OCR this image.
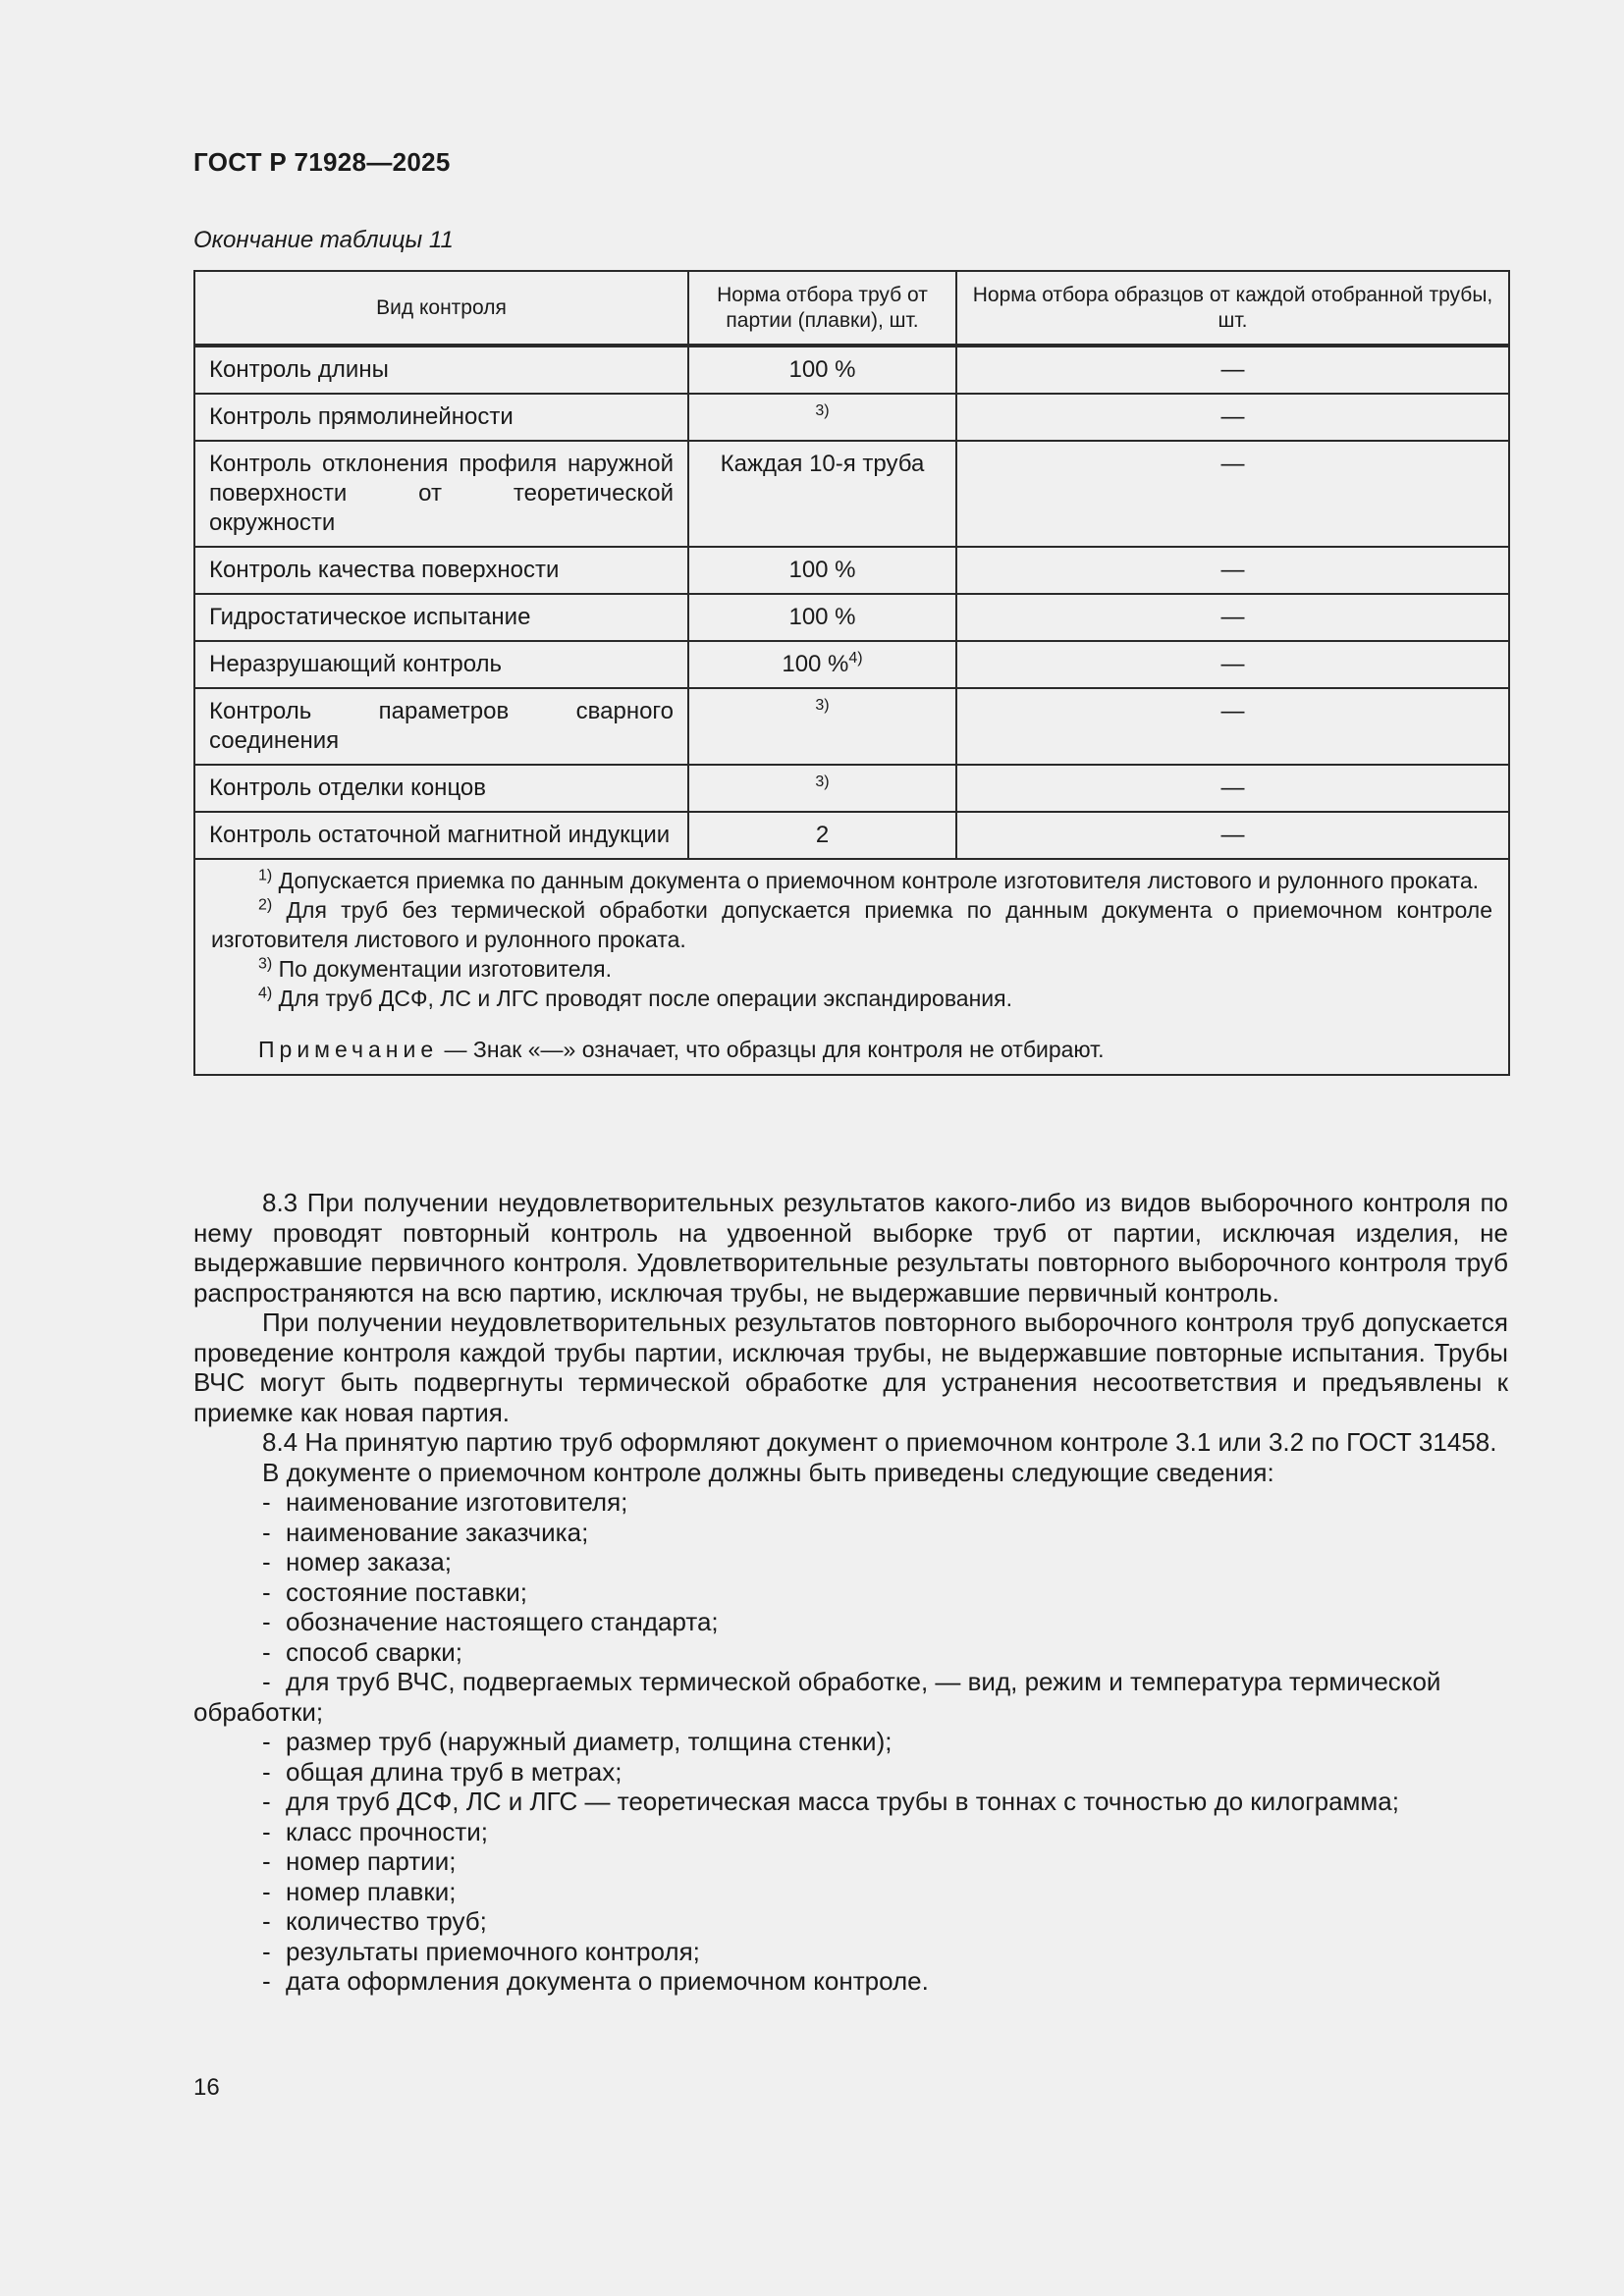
ГОСТ Р 71928—2025
Окончание таблицы 11
Вид контроля	Норма отбора труб от партии (плавки), шт.	Норма отбора образцов от каждой отобранной трубы, шт.
Контроль длины	100 %	—
Контроль прямолинейности	$^{3)}$	—
Контроль отклонения профиля наружной поверхности от теоретической окружности	Каждая 10-я труба	—
Контроль качества поверхности	100 %	—
Гидростатическое испытание	100 %	—
Неразрушающий контроль	100 %$^{4)}$	—
Контроль параметров сварного соединения	$^{3)}$	—
Контроль отделки концов	$^{3)}$	—
Контроль остаточной магнитной индукции	2	—

$^{1)}$ Допускается приемка по данным документа о приемочном контроле изготовителя листового и рулонного проката.
$^{2)}$ Для труб без термической обработки допускается приемка по данным документа о приемочном контроле изготовителя листового и рулонного проката.
$^{3)}$ По документации изготовителя.
$^{4)}$ Для труб ДСФ, ЛС и ЛГС проводят после операции экспандирования.
Примечание — Знак «—» означает, что образцы для контроля не отбирают.		

8.3 При получении неудовлетворительных результатов какого-либо из видов выборочного контроля по нему проводят повторный контроль на удвоенной выборке труб от партии, исключая изделия, не выдержавшие первичного контроля. Удовлетворительные результаты повторного выборочного контроля труб распространяются на всю партию, исключая трубы, не выдержавшие первичный контроль.

При получении неудовлетворительных результатов повторного выборочного контроля труб допускается проведение контроля каждой трубы партии, исключая трубы, не выдержавшие повторные испытания. Трубы ВЧС могут быть подвергнуты термической обработке для устранения несоответствия и предъявлены к приемке как новая партия.

8.4 На принятую партию труб оформляют документ о приемочном контроле 3.1 или 3.2 по ГОСТ 31458.

В документе о приемочном контроле должны быть приведены следующие сведения:

- наименование изготовителя;
- наименование заказчика;
- номер заказа;
- состояние поставки;
- обозначение настоящего стандарта;
- способ сварки;
- для труб ВЧС, подвергаемых термической обработке, — вид, режим и температура термической обработки;
- размер труб (наружный диаметр, толщина стенки);
- общая длина труб в метрах;
- для труб ДСФ, ЛС и ЛГС — теоретическая масса трубы в тоннах с точностью до килограмма;
- класс прочности;
- номер партии;
- номер плавки;
- количество труб;
- результаты приемочного контроля;
- дата оформления документа о приемочном контроле.
16
